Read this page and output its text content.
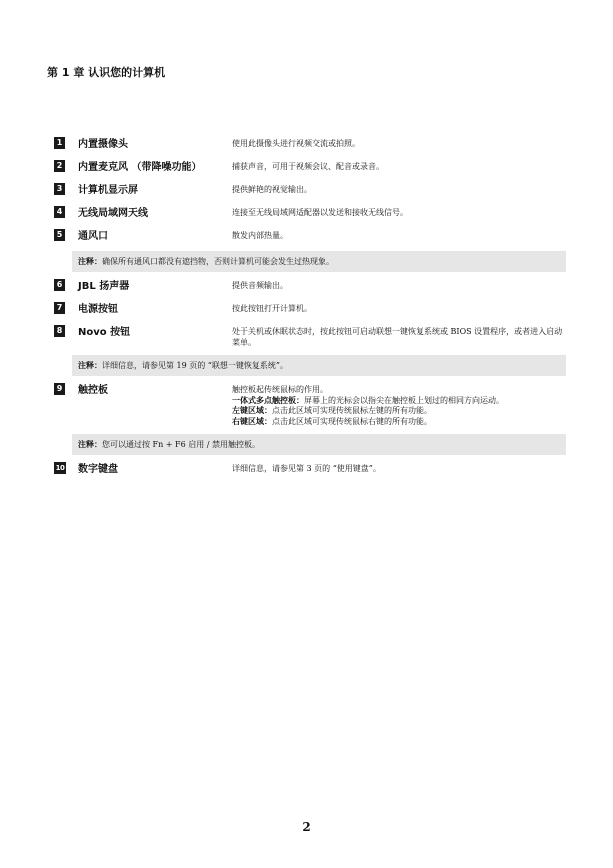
第 1 章 认识您的计算机
1 内置摄像头	使用此摄像头进行视频交流或拍照。
2 内置麦克风 （带降噪功能）	捕获声音，可用于视频会议、配音或录音。
3 计算机显示屏	提供鲜艳的视觉输出。
4 无线局域网天线	连接至无线局域网适配器以发送和接收无线信号。
5 通风口	散发内部热量。
注释：确保所有通风口都没有遮挡物，否则计算机可能会发生过热现象。
6 JBL 扬声器	提供音频输出。
7 电源按钮	按此按钮打开计算机。
8 Novo 按钮	处于关机或休眠状态时，按此按钮可启动联想一键恢复系统或 BIOS 设置程序，或者进入启动菜单。
注释：详细信息，请参见第 19 页的 “联想一键恢复系统”。
9 触控板	触控板起传统鼠标的作用。
一体式多点触控板：屏幕上的光标会以指尖在触控板上划过的相同方向运动。
左键区域：点击此区域可实现传统鼠标左键的所有功能。
右键区域：点击此区域可实现传统鼠标右键的所有功能。
注释：您可以通过按 Fn + F6 启用 / 禁用触控板。
10 数字键盘	详细信息，请参见第 3 页的 “使用键盘”。
2
